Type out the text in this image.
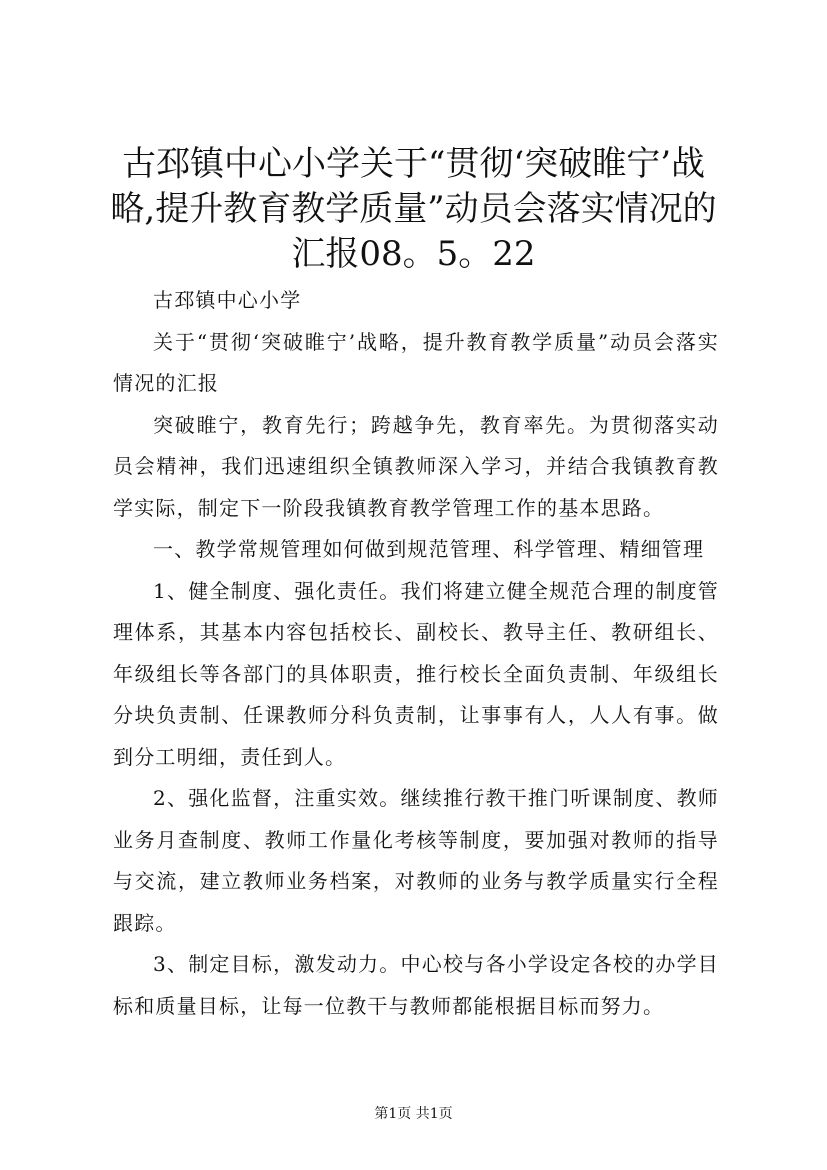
古邳镇中心小学关于“贯彻‘突破睢宁’战略,提升教育教学质量”动员会落实情况的汇报08。5。22

古邳镇中心小学

关于“贯彻‘突破睢宁’战略，提升教育教学质量”动员会落实情况的汇报

突破睢宁，教育先行；跨越争先，教育率先。为贯彻落实动员会精神，我们迅速组织全镇教师深入学习，并结合我镇教育教学实际，制定下一阶段我镇教育教学管理工作的基本思路。

一、教学常规管理如何做到规范管理、科学管理、精细管理

1、健全制度、强化责任。我们将建立健全规范合理的制度管理体系，其基本内容包括校长、副校长、教导主任、教研组长、年级组长等各部门的具体职责，推行校长全面负责制、年级组长分块负责制、任课教师分科负责制，让事事有人，人人有事。做到分工明细，责任到人。

2、强化监督，注重实效。继续推行教干推门听课制度、教师业务月查制度、教师工作量化考核等制度，要加强对教师的指导与交流，建立教师业务档案，对教师的业务与教学质量实行全程跟踪。

3、制定目标，激发动力。中心校与各小学设定各校的办学目标和质量目标，让每一位教干与教师都能根据目标而努力。

第1页 共1页
